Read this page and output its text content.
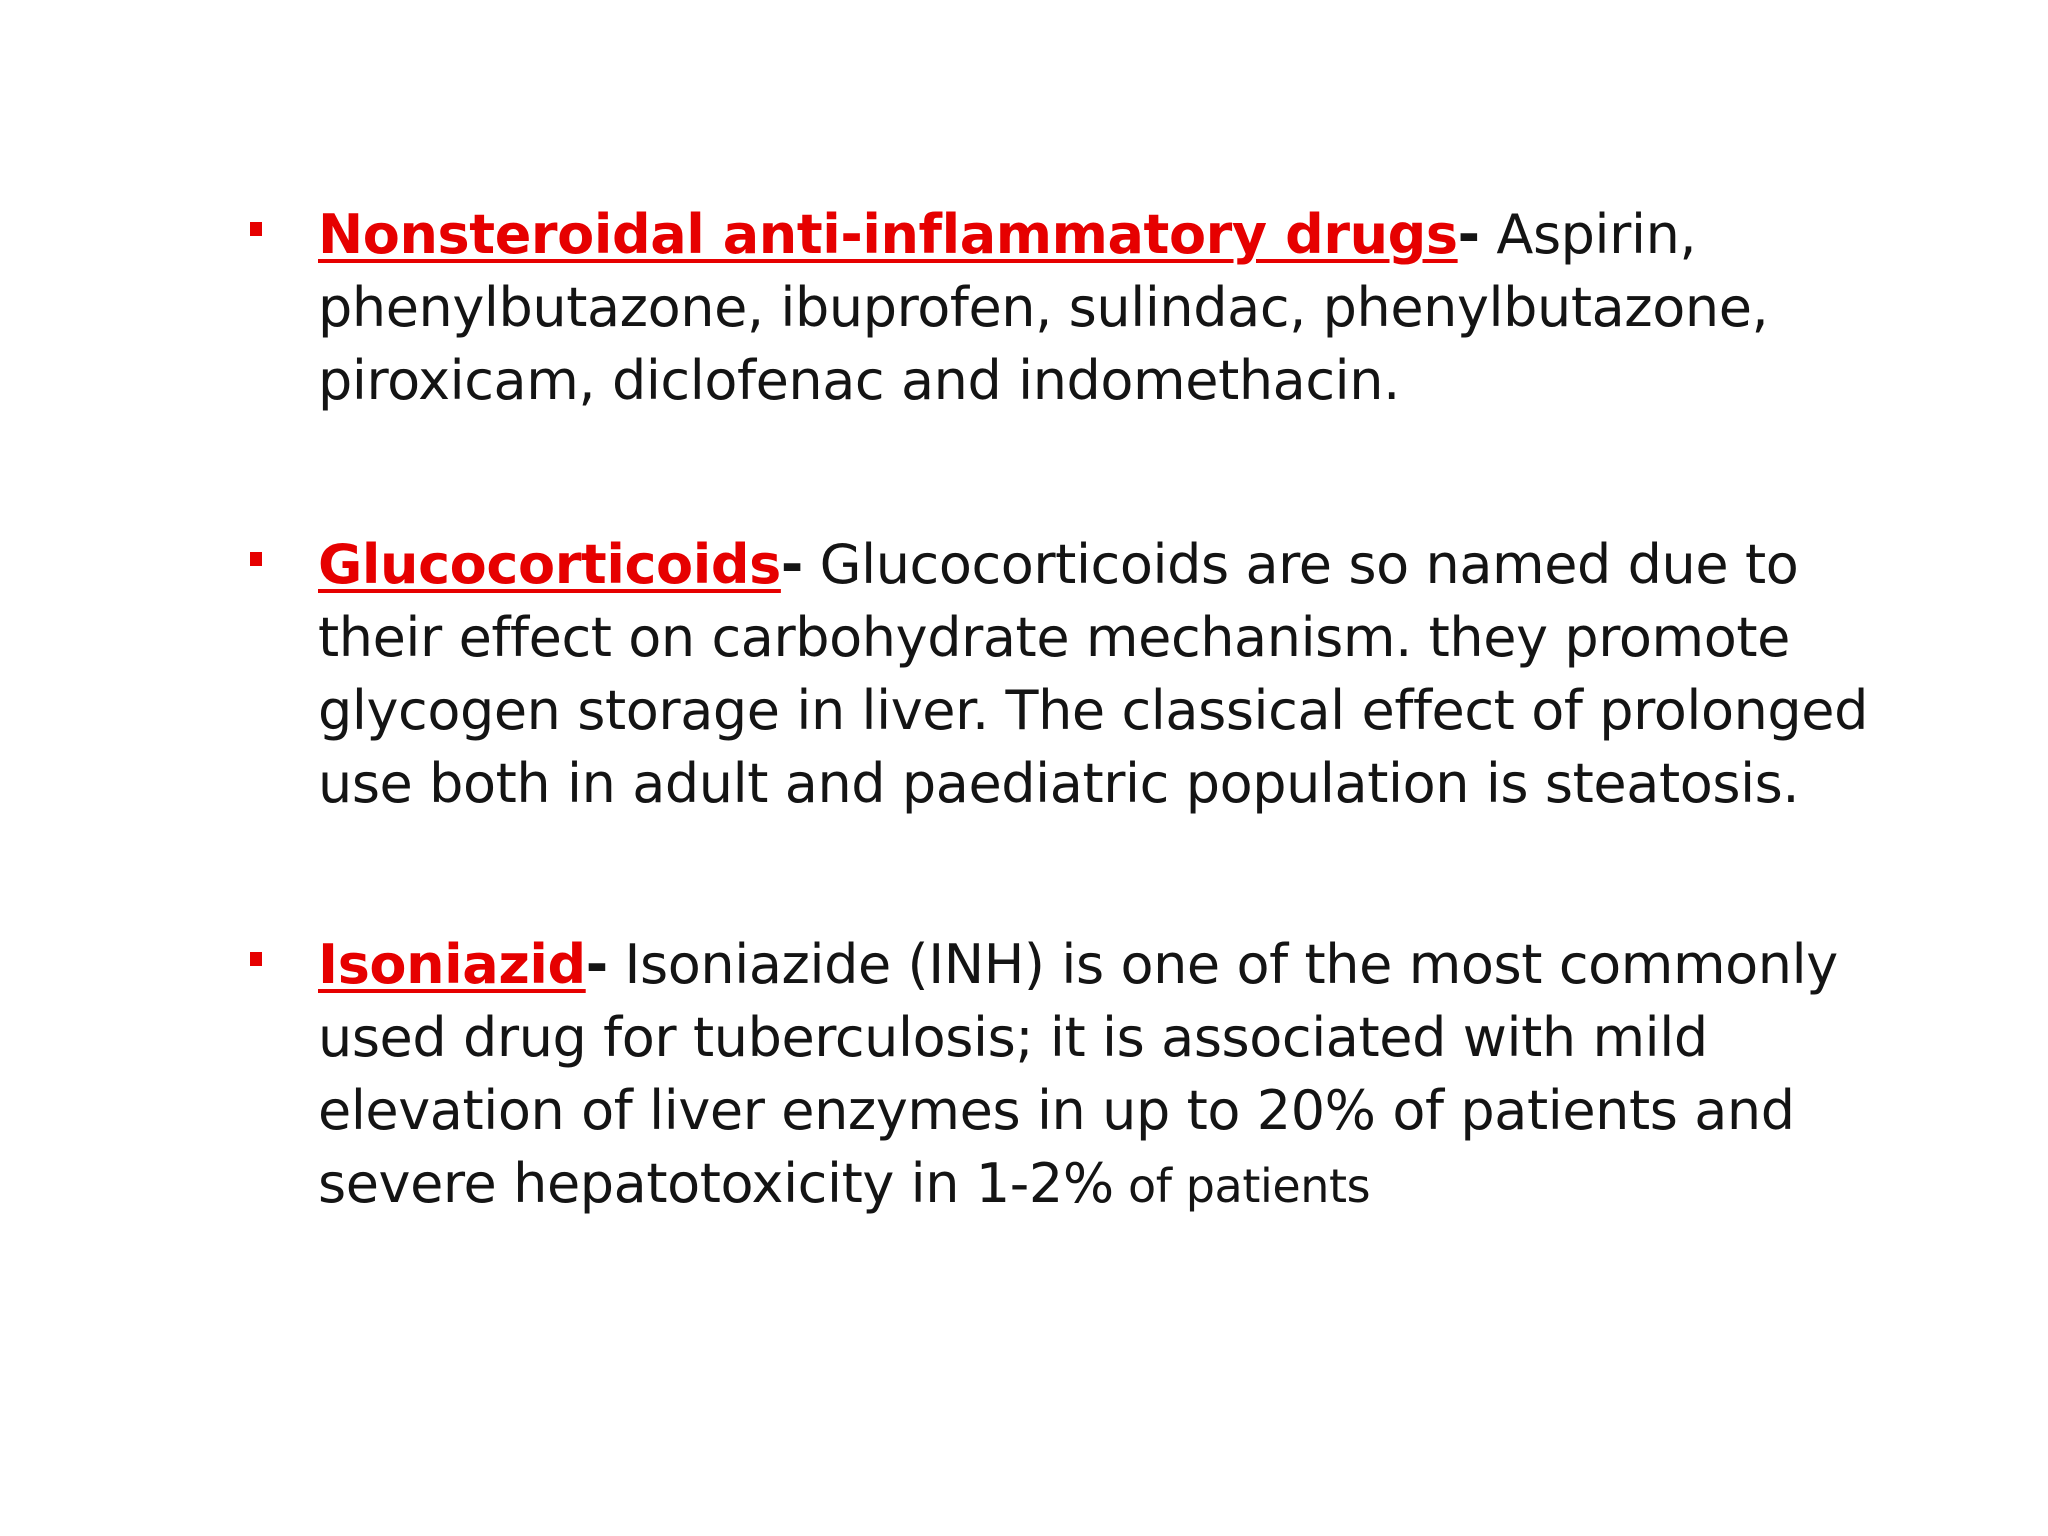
Nonsteroidal anti-inflammatory drugs- Aspirin, phenylbutazone, ibuprofen, sulindac, phenylbutazone, piroxicam, diclofenac and indomethacin.
Glucocorticoids- Glucocorticoids are so named due to their effect on carbohydrate mechanism. they promote glycogen storage in liver. The classical effect of prolonged use both in adult and paediatric population is steatosis.
Isoniazid- Isoniazide (INH) is one of the most commonly used drug for tuberculosis; it is associated with mild elevation of liver enzymes in up to 20% of patients and severe hepatotoxicity in 1-2% of patients
